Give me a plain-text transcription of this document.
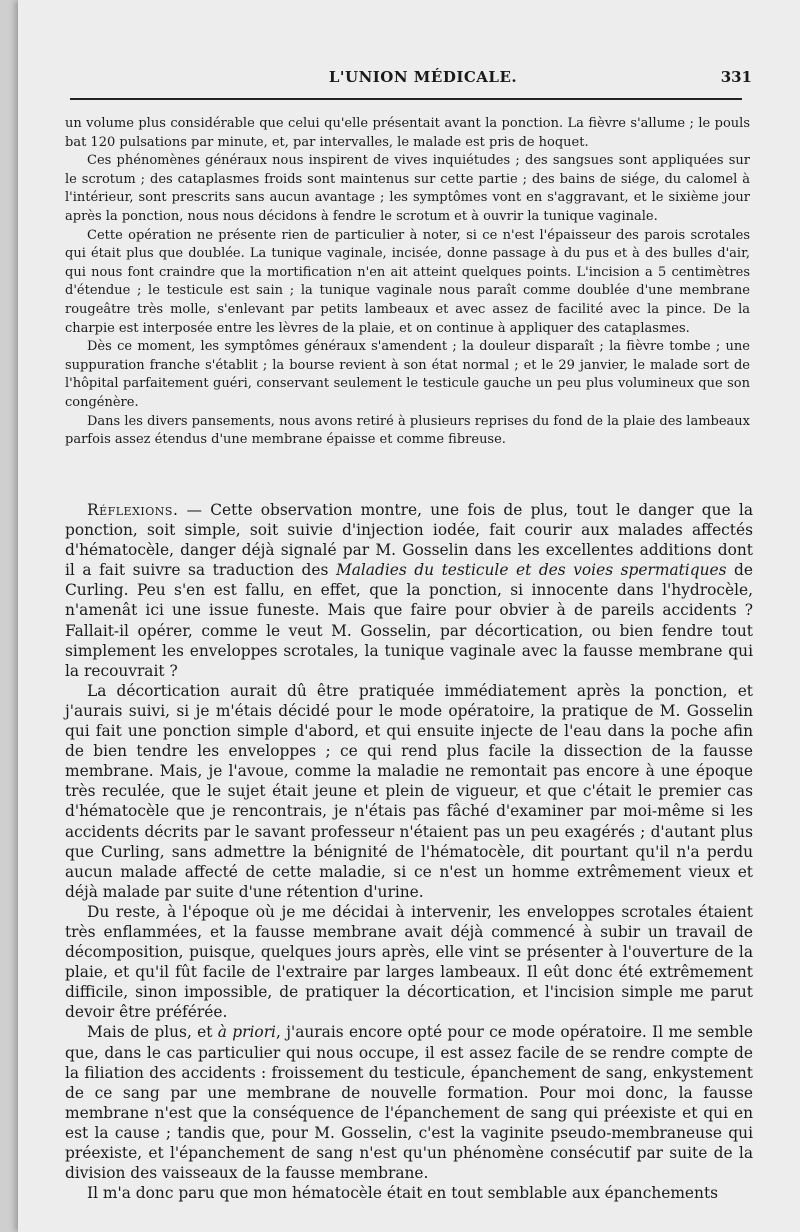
L'UNION MÉDICALE.	331

un volume plus considérable que celui qu'elle présentait avant la ponction. La fièvre s'allume ; le pouls bat 120 pulsations par minute, et, par intervalles, le malade est pris de hoquet.

Ces phénomènes généraux nous inspirent de vives inquiétudes ; des sangsues sont appliquées sur le scrotum ; des cataplasmes froids sont maintenus sur cette partie ; des bains de siége, du calomel à l'intérieur, sont prescrits sans aucun avantage ; les symptômes vont en s'aggravant, et le sixième jour après la ponction, nous nous décidons à fendre le scrotum et à ouvrir la tunique vaginale.

Cette opération ne présente rien de particulier à noter, si ce n'est l'épaisseur des parois scrotales qui était plus que doublée. La tunique vaginale, incisée, donne passage à du pus et à des bulles d'air, qui nous font craindre que la mortification n'en ait atteint quelques points. L'incision a 5 centimètres d'étendue ; le testicule est sain ; la tunique vaginale nous paraît comme doublée d'une membrane rougeâtre très molle, s'enlevant par petits lambeaux et avec assez de facilité avec la pince. De la charpie est interposée entre les lèvres de la plaie, et on continue à appliquer des cataplasmes.

Dès ce moment, les symptômes généraux s'amendent ; la douleur disparaît ; la fièvre tombe ; une suppuration franche s'établit ; la bourse revient à son état normal ; et le 29 janvier, le malade sort de l'hôpital parfaitement guéri, conservant seulement le testicule gauche un peu plus volumineux que son congénère.

Dans les divers pansements, nous avons retiré à plusieurs reprises du fond de la plaie des lambeaux parfois assez étendus d'une membrane épaisse et comme fibreuse.

Réflexions. — Cette observation montre, une fois de plus, tout le danger que la ponction, soit simple, soit suivie d'injection iodée, fait courir aux malades affectés d'hématocèle, danger déjà signalé par M. Gosselin dans les excellentes additions dont il a fait suivre sa traduction des Maladies du testicule et des voies spermatiques de Curling. Peu s'en est fallu, en effet, que la ponction, si innocente dans l'hydrocèle, n'amenât ici une issue funeste. Mais que faire pour obvier à de pareils accidents ? Fallait-il opérer, comme le veut M. Gosselin, par décortication, ou bien fendre tout simplement les enveloppes scrotales, la tunique vaginale avec la fausse membrane qui la recouvrait ?

La décortication aurait dû être pratiquée immédiatement après la ponction, et j'aurais suivi, si je m'étais décidé pour le mode opératoire, la pratique de M. Gosselin qui fait une ponction simple d'abord, et qui ensuite injecte de l'eau dans la poche afin de bien tendre les enveloppes ; ce qui rend plus facile la dissection de la fausse membrane. Mais, je l'avoue, comme la maladie ne remontait pas encore à une époque très reculée, que le sujet était jeune et plein de vigueur, et que c'était le premier cas d'hématocèle que je rencontrais, je n'étais pas fâché d'examiner par moi-même si les accidents décrits par le savant professeur n'étaient pas un peu exagérés ; d'autant plus que Curling, sans admettre la bénignité de l'hématocèle, dit pourtant qu'il n'a perdu aucun malade affecté de cette maladie, si ce n'est un homme extrêmement vieux et déjà malade par suite d'une rétention d'urine.

Du reste, à l'époque où je me décidai à intervenir, les enveloppes scrotales étaient très enflammées, et la fausse membrane avait déjà commencé à subir un travail de décomposition, puisque, quelques jours après, elle vint se présenter à l'ouverture de la plaie, et qu'il fût facile de l'extraire par larges lambeaux. Il eût donc été extrêmement difficile, sinon impossible, de pratiquer la décortication, et l'incision simple me parut devoir être préférée.

Mais de plus, et à priori, j'aurais encore opté pour ce mode opératoire. Il me semble que, dans le cas particulier qui nous occupe, il est assez facile de se rendre compte de la filiation des accidents : froissement du testicule, épanchement de sang, enkystement de ce sang par une membrane de nouvelle formation. Pour moi donc, la fausse membrane n'est que la conséquence de l'épanchement de sang qui préexiste et qui en est la cause ; tandis que, pour M. Gosselin, c'est la vaginite pseudo-membraneuse qui préexiste, et l'épanchement de sang n'est qu'un phénomène consécutif par suite de la division des vaisseaux de la fausse membrane.

Il m'a donc paru que mon hématocèle était en tout semblable aux épanchements
